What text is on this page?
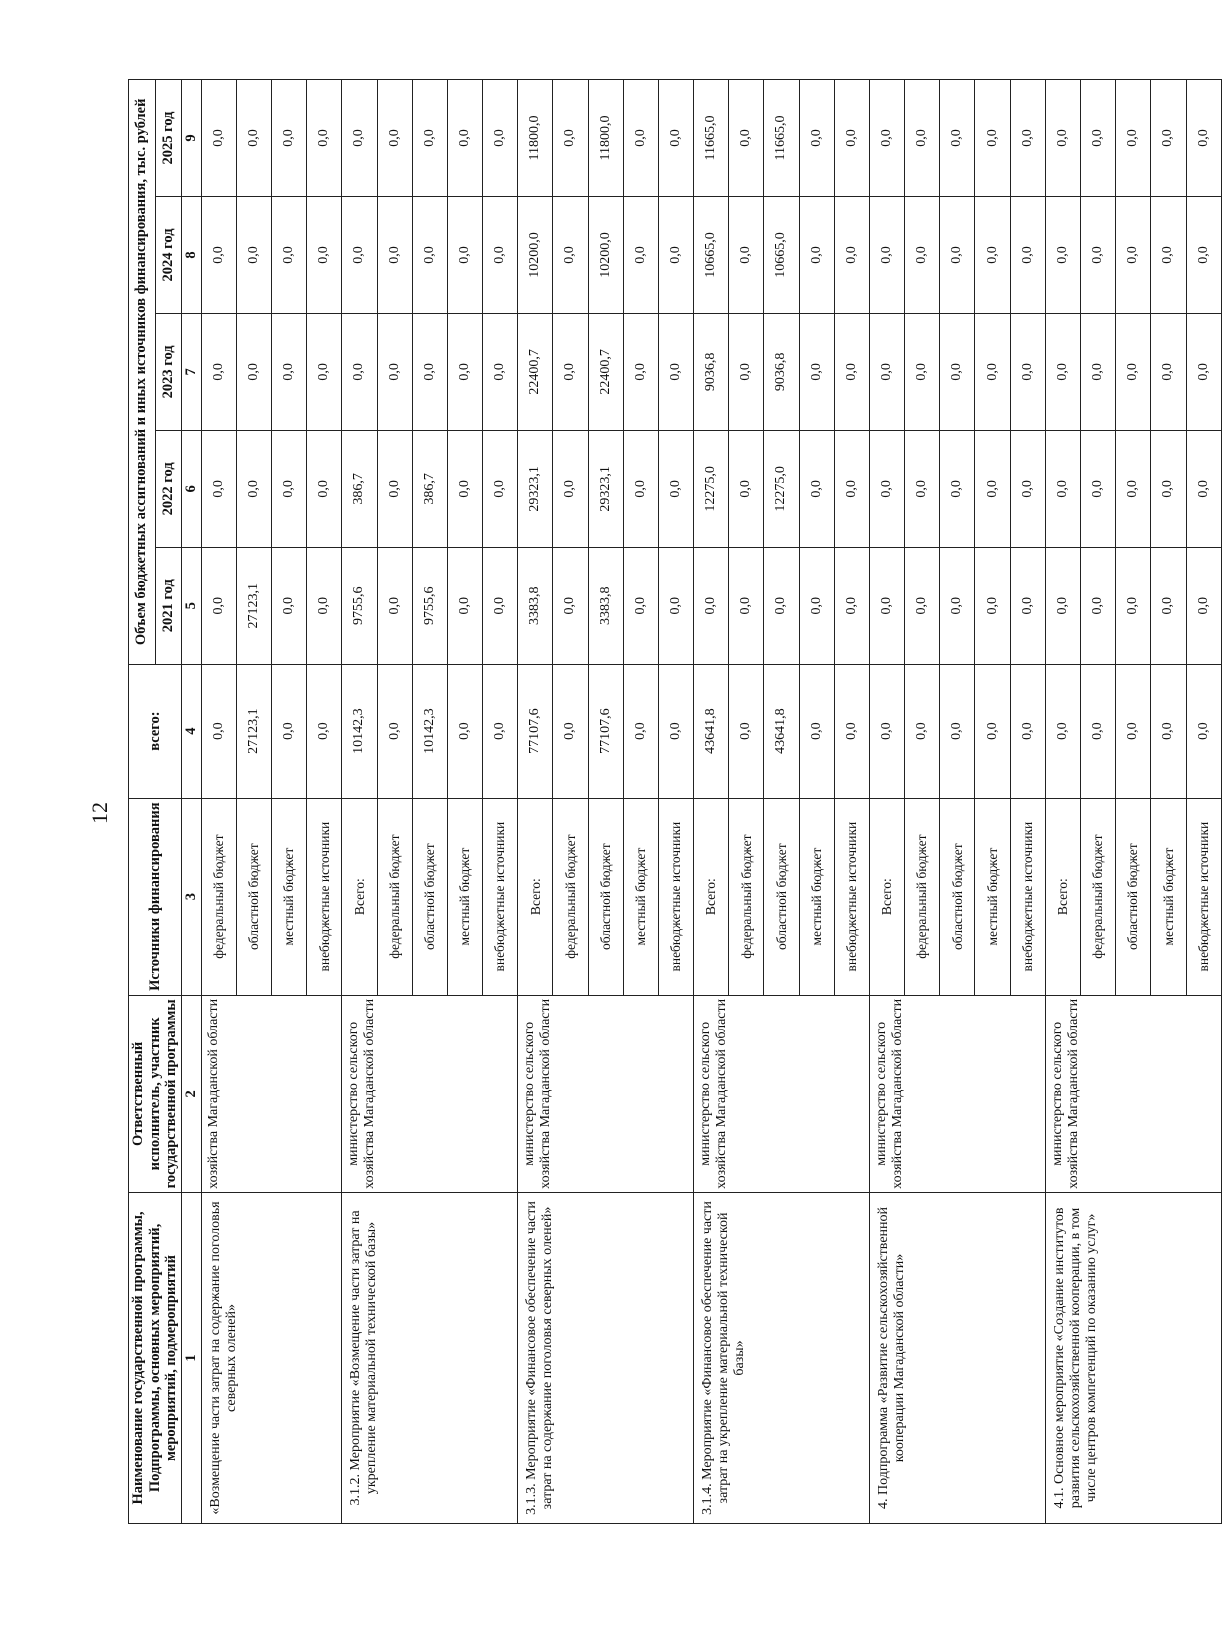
12
Наименование государственной программы, Подпрограммы, основных мероприятий, мероприятий, подмероприятий	Ответственный исполнитель, участник государственной программы	Источники финансирования	всего:	Объем бюджетных ассигнований и иных источников финансирования, тыс. рублей				
				2021 год	2022 год	2023 год	2024 год	2025 год
1	2	3	4	5	6	7	8	9
«Возмещение части затрат на содержание поголовья северных оленей»	хозяйства Магаданской области	федеральный бюджет	0,0	0,0	0,0	0,0	0,0	0,0
		областной бюджет	27123,1	27123,1	0,0	0,0	0,0	0,0
		местный бюджет	0,0	0,0	0,0	0,0	0,0	0,0
		внебюджетные источники	0,0	0,0	0,0	0,0	0,0	0,0
3.1.2. Мероприятие «Возмещение части затрат на укрепление материальной технической базы»	министерство сельского хозяйства Магаданской области	Всего:	10142,3	9755,6	386,7	0,0	0,0	0,0
		федеральный бюджет	0,0	0,0	0,0	0,0	0,0	0,0
		областной бюджет	10142,3	9755,6	386,7	0,0	0,0	0,0
		местный бюджет	0,0	0,0	0,0	0,0	0,0	0,0
		внебюджетные источники	0,0	0,0	0,0	0,0	0,0	0,0
3.1.3. Мероприятие «Финансовое обеспечение части затрат на содержание поголовья северных оленей»	министерство сельского хозяйства Магаданской области	Всего:	77107,6	3383,8	29323,1	22400,7	10200,0	11800,0
		федеральный бюджет	0,0	0,0	0,0	0,0	0,0	0,0
		областной бюджет	77107,6	3383,8	29323,1	22400,7	10200,0	11800,0
		местный бюджет	0,0	0,0	0,0	0,0	0,0	0,0
		внебюджетные источники	0,0	0,0	0,0	0,0	0,0	0,0
3.1.4. Мероприятие «Финансовое обеспечение части затрат на укрепление материальной технической базы»	министерство сельского хозяйства Магаданской области	Всего:	43641,8	0,0	12275,0	9036,8	10665,0	11665,0
		федеральный бюджет	0,0	0,0	0,0	0,0	0,0	0,0
		областной бюджет	43641,8	0,0	12275,0	9036,8	10665,0	11665,0
		местный бюджет	0,0	0,0	0,0	0,0	0,0	0,0
		внебюджетные источники	0,0	0,0	0,0	0,0	0,0	0,0
4. Подпрограмма «Развитие сельскохозяйственной кооперации Магаданской области»	министерство сельского хозяйства Магаданской области	Всего:	0,0	0,0	0,0	0,0	0,0	0,0
		федеральный бюджет	0,0	0,0	0,0	0,0	0,0	0,0
		областной бюджет	0,0	0,0	0,0	0,0	0,0	0,0
		местный бюджет	0,0	0,0	0,0	0,0	0,0	0,0
		внебюджетные источники	0,0	0,0	0,0	0,0	0,0	0,0
4.1. Основное мероприятие «Создание институтов развития сельскохозяйственной кооперации, в том числе центров компетенций по оказанию услуг»	министерство сельского хозяйства Магаданской области	Всего:	0,0	0,0	0,0	0,0	0,0	0,0
		федеральный бюджет	0,0	0,0	0,0	0,0	0,0	0,0
		областной бюджет	0,0	0,0	0,0	0,0	0,0	0,0
		местный бюджет	0,0	0,0	0,0	0,0	0,0	0,0
		внебюджетные источники	0,0	0,0	0,0	0,0	0,0	0,0
